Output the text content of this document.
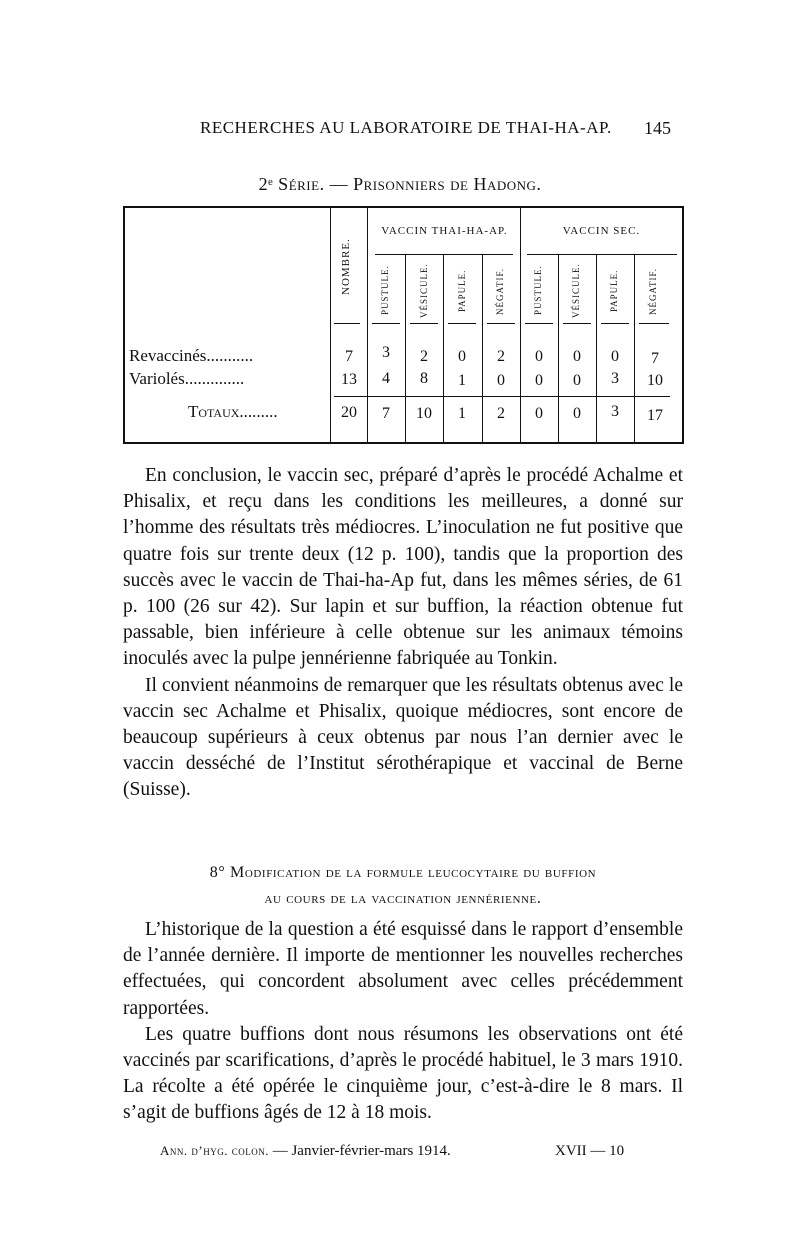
RECHERCHES AU LABORATOIRE DE THAI-HA-AP.	145
2ᵉ Série. — Prisonniers de Hadong.
NOMBRE.
VACCIN THAI-HA-AP.	VACCIN SEC.
PUSTULE.	VÉSICULE.	PAPULE.	NÉGATIF.	PUSTULE.	VÉSICULE.	PAPULE.	NÉGATIF.
Revaccinés...........	7	3	2	0	2	0	0	0	7
Variolés..............	13	4	8	1	0	0	0	3	10
Totaux.........	20	7	10	1	2	0	0	3	17

En conclusion, le vaccin sec, préparé d’après le procédé Achalme et Phisalix, et reçu dans les conditions les meilleures, a donné sur l’homme des résultats très médiocres. L’inoculation ne fut positive que quatre fois sur trente deux (12 p. 100), tandis que la proportion des succès avec le vaccin de Thai-ha-Ap fut, dans les mêmes séries, de 61 p. 100 (26 sur 42). Sur lapin et sur buffion, la réaction obtenue fut passable, bien inférieure à celle obtenue sur les animaux témoins inoculés avec la pulpe jennérienne fabriquée au Tonkin.

Il convient néanmoins de remarquer que les résultats obtenus avec le vaccin sec Achalme et Phisalix, quoique médiocres, sont encore de beaucoup supérieurs à ceux obtenus par nous l’an dernier avec le vaccin desséché de l’Institut sérothérapique et vaccinal de Berne (Suisse).

8° Modification de la formule leucocytaire du buffion
au cours de la vaccination jennérienne.

L’historique de la question a été esquissé dans le rapport d’ensemble de l’année dernière. Il importe de mentionner les nouvelles recherches effectuées, qui concordent absolument avec celles précédemment rapportées.

Les quatre buffions dont nous résumons les observations ont été vaccinés par scarifications, d’après le procédé habituel, le 3 mars 1910. La récolte a été opérée le cinquième jour, c’est-à-dire le 8 mars. Il s’agit de buffions âgés de 12 à 18 mois.

Ann. d’hyg. colon. — Janvier-février-mars 1914.	XVII — 10
